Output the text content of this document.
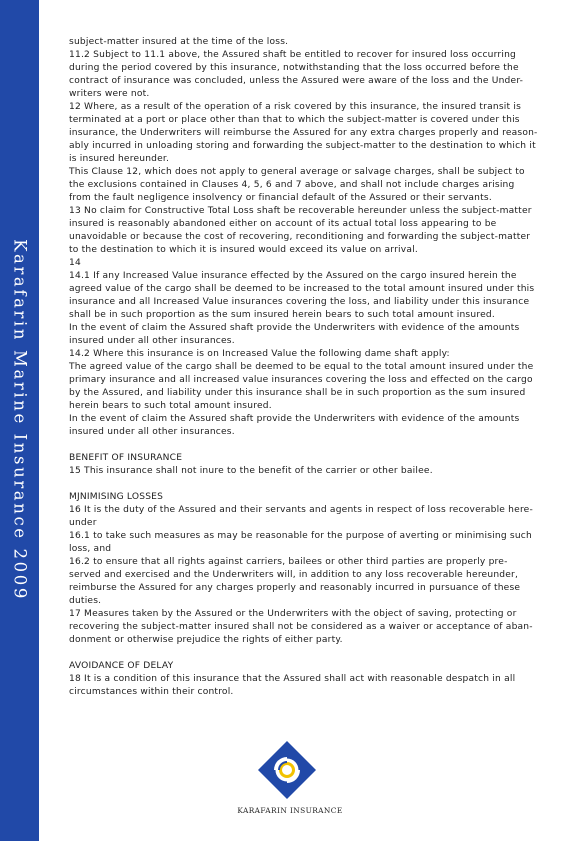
Karafarin Marine Insurance 2009
subject-matter insured at the time of the loss.
11.2 Subject to 11.1 above, the Assured shaft be entitled to recover for insured loss occurring
during the period covered by this insurance, notwithstanding that the loss occurred before the
contract of insurance was concluded, unless the Assured were aware of the loss and the Under-
writers were not.
12 Where, as a result of the operation of a risk covered by this insurance, the insured transit is
terminated at a port or place other than that to which the subject-matter is covered under this
insurance, the Underwriters will reimburse the Assured for any extra charges properly and reason-
ably incurred in unloading storing and forwarding the subject-matter to the destination to which it
is insured hereunder.
This Clause 12, which does not apply to general average or salvage charges, shall be subject to
the exclusions contained in Clauses 4, 5, 6 and 7 above, and shall not include charges arising
from the fault negligence insolvency or financial default of the Assured or their servants.
13 No claim for Constructive Total Loss shaft be recoverable hereunder unless the subject-matter
insured is reasonably abandoned either on account of its actual total loss appearing to be
unavoidable or because the cost of recovering, reconditioning and forwarding the subject-matter
to the destination to which it is insured would exceed its value on arrival.
14
14.1 If any Increased Value insurance effected by the Assured on the cargo insured herein the
agreed value of the cargo shall be deemed to be increased to the total amount insured under this
insurance and all Increased Value insurances covering the loss, and liability under this insurance
shall be in such proportion as the sum insured herein bears to such total amount insured.
In the event of claim the Assured shaft provide the Underwriters with evidence of the amounts
insured under all other insurances.
14.2 Where this insurance is on Increased Value the following dame shaft apply:
The agreed value of the cargo shall be deemed to be equal to the total amount insured under the
primary insurance and all increased value insurances covering the loss and effected on the cargo
by the Assured, and liability under this insurance shall be in such proportion as the sum insured
herein bears to such total amount insured.
In the event of claim the Assured shaft provide the Underwriters with evidence of the amounts
insured under all other insurances.
BENEFIT OF INSURANCE
15 This insurance shall not inure to the benefit of the carrier or other bailee.
MJNIMISING LOSSES
16 It is the duty of the Assured and their servants and agents in respect of loss recoverable here-
under
16.1 to take such measures as may be reasonable for the purpose of averting or minimising such
loss, and
16.2 to ensure that all rights against carriers, bailees or other third parties are properly pre-
served and exercised and the Underwriters will, in addition to any loss recoverable hereunder,
reimburse the Assured for any charges properly and reasonably incurred in pursuance of these
duties.
17 Measures taken by the Assured or the Underwriters with the object of saving, protecting or
recovering the subject-matter insured shall not be considered as a waiver or acceptance of aban-
donment or otherwise prejudice the rights of either party.
AVOIDANCE OF DELAY
18 It is a condition of this insurance that the Assured shall act with reasonable despatch in all
circumstances within their control.
KARAFARIN INSURANCE
